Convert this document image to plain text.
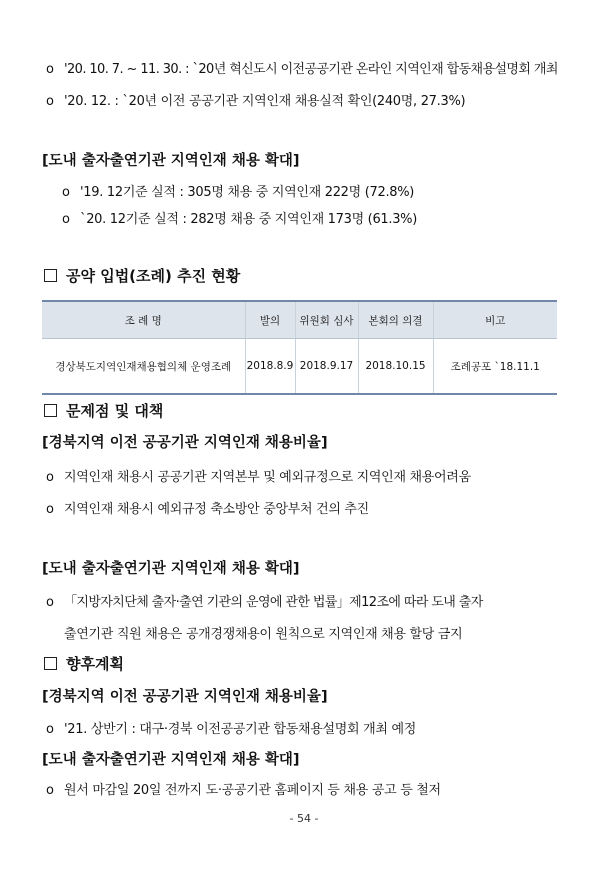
o '20. 10. 7. ~ 11. 30. : `20년 혁신도시 이전공공기관 온라인 지역인재 합동채용설명회 개최
o '20. 12. : `20년 이전 공공기관 지역인재 채용실적 확인(240명, 27.3%)
[도내 출자출연기관 지역인재 채용 확대]
o '19. 12기준 실적 : 305명 채용 중 지역인재 222명 (72.8%)
o `20. 12기준 실적 : 282명 채용 중 지역인재 173명 (61.3%)
공약 입법(조례) 추진 현황
조 례 명	발의	위원회 심사	본회의 의결	비고
경상북도지역인재채용협의체 운영조례	2018.8.9	2018.9.17	2018.10.15	조례공포 `18.11.1
문제점 및 대책
[경북지역 이전 공공기관 지역인재 채용비율]
o 지역인재 채용시 공공기관 지역본부 및 예외규정으로 지역인재 채용어려움
o 지역인재 채용시 예외규정 축소방안 중앙부처 건의 추진
[도내 출자출연기관 지역인재 채용 확대]
o 「지방자치단체 출자·출연 기관의 운영에 관한 법률」제12조에 따라 도내 출자
출연기관 직원 채용은 공개경쟁채용이 원칙으로 지역인재 채용 할당 금지
향후계획
[경북지역 이전 공공기관 지역인재 채용비율]
o '21. 상반기 : 대구·경북 이전공공기관 합동채용설명회 개최 예정
[도내 출자출연기관 지역인재 채용 확대]
o 원서 마감일 20일 전까지 도·공공기관 홈페이지 등 채용 공고 등 철저
- 54 -
